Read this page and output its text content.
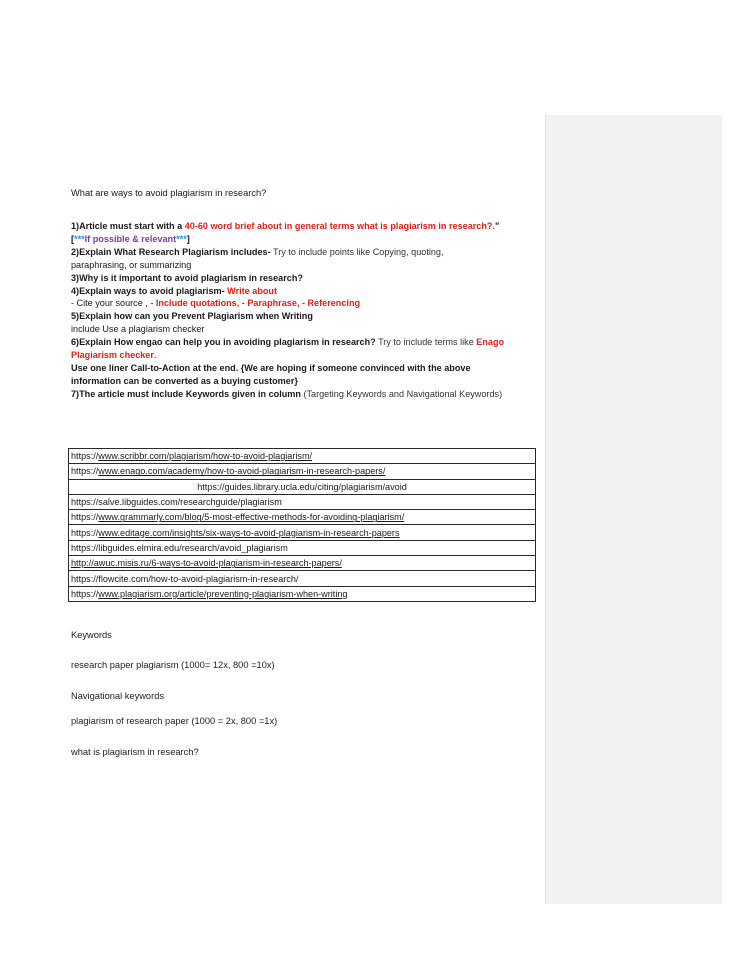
What are ways to avoid plagiarism in research?
1)Article must start with a 40-60 word brief about in general terms what is plagiarism in research?."
[***If possible & relevant***]
2)Explain What Research Plagiarism includes- Try to include points like Copying, quoting,
paraphrasing, or summarizing
3)Why is it important to avoid plagiarism in research?
4)Explain ways to avoid plagiarism- Write about
- Cite your source , - Include quotations, - Paraphrase, - Referencing
5)Explain how can you Prevent Plagiarism when Writing
include Use a plagiarism checker
6)Explain How engao can help you in avoiding plagiarism in research? Try to include terms like Enago
Plagiarism checker.
Use one liner Call-to-Action at the end. {We are hoping if someone convinced with the above
information can be converted as a buying customer}
7)The article must include Keywords given in column (Targeting Keywords and Navigational Keywords)
https://www.scribbr.com/plagiarism/how-to-avoid-plagiarism/
https://www.enago.com/academy/how-to-avoid-plagiarism-in-research-papers/
https://guides.library.ucla.edu/citing/plagiarism/avoid
https://salve.libguides.com/researchguide/plagiarism
https://www.grammarly.com/blog/5-most-effective-methods-for-avoiding-plagiarism/
https://www.editage.com/insights/six-ways-to-avoid-plagiarism-in-research-papers
https://libguides.elmira.edu/research/avoid_plagiarism
http://awuc.misis.ru/6-ways-to-avoid-plagiarism-in-research-papers/
https://flowcite.com/how-to-avoid-plagiarism-in-research/
https://www.plagiarism.org/article/preventing-plagiarism-when-writing
Keywords
research paper plagiarism (1000= 12x, 800 =10x)
Navigational keywords
plagiarism of research paper (1000 = 2x, 800 =1x)
what is plagiarism in research?
